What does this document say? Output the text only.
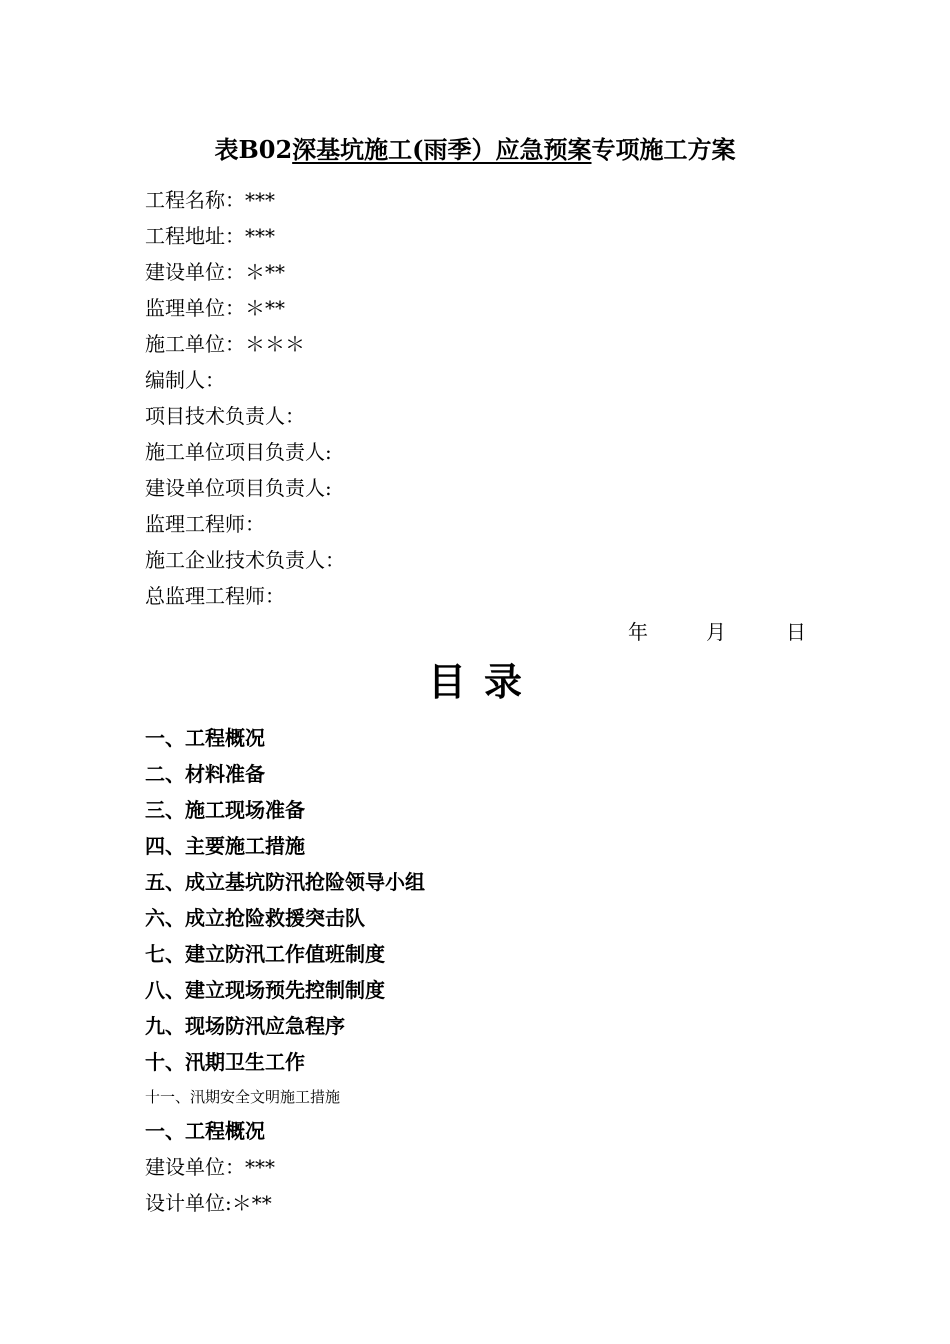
表B02深基坑施工(雨季）应急预案专项施工方案
工程名称：***
工程地址：***
建设单位：＊**
监理单位：＊**
施工单位：＊＊＊
编制人：
项目技术负责人：
施工单位项目负责人:
建设单位项目负责人:
监理工程师：
施工企业技术负责人：
总监理工程师：
年	月	日
目录
一、工程概况
二、材料准备
三、施工现场准备
四、主要施工措施
五、成立基坑防汛抢险领导小组
六、成立抢险救援突击队
七、建立防汛工作值班制度
八、建立现场预先控制制度
九、现场防汛应急程序
十、汛期卫生工作
十一、汛期安全文明施工措施
一、工程概况
建设单位：***
设计单位:＊**
